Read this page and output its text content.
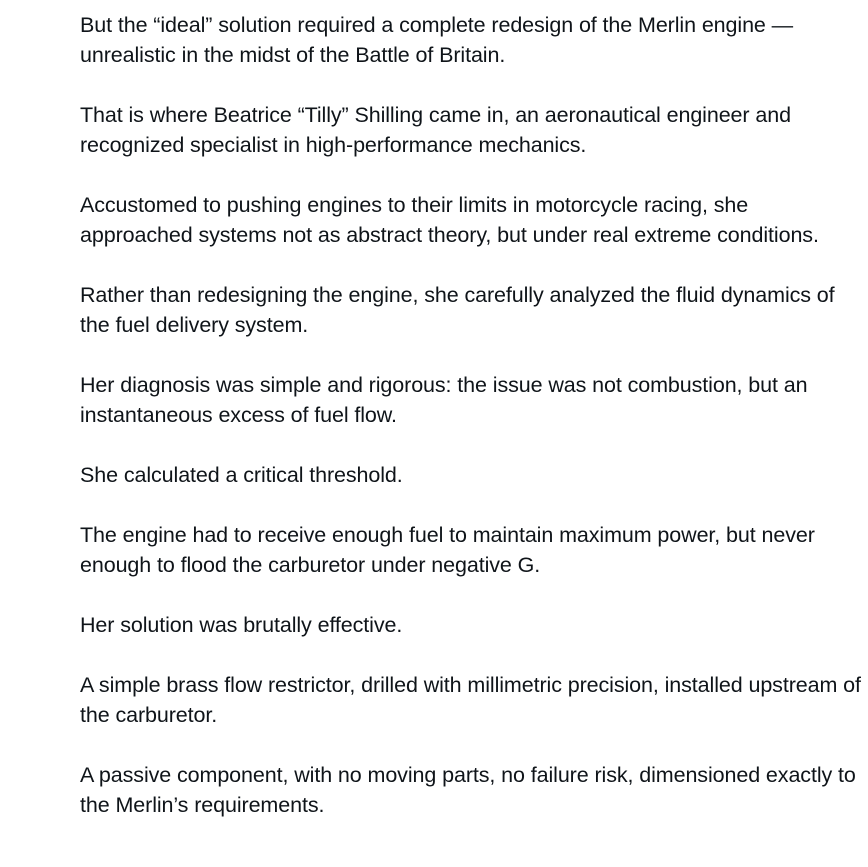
But the “ideal” solution required a complete redesign of the Merlin engine —unrealistic in the midst of the Battle of Britain.

That is where Beatrice “Tilly” Shilling came in, an aeronautical engineer and recognized specialist in high-performance mechanics.

Accustomed to pushing engines to their limits in motorcycle racing, she approached systems not as abstract theory, but under real extreme conditions.

Rather than redesigning the engine, she carefully analyzed the fluid dynamics of the fuel delivery system.

Her diagnosis was simple and rigorous: the issue was not combustion, but an instantaneous excess of fuel flow.

She calculated a critical threshold.

The engine had to receive enough fuel to maintain maximum power, but never enough to flood the carburetor under negative G.

Her solution was brutally effective.

A simple brass flow restrictor, drilled with millimetric precision, installed upstream of the carburetor.

A passive component, with no moving parts, no failure risk, dimensioned exactly to the Merlin’s requirements.
